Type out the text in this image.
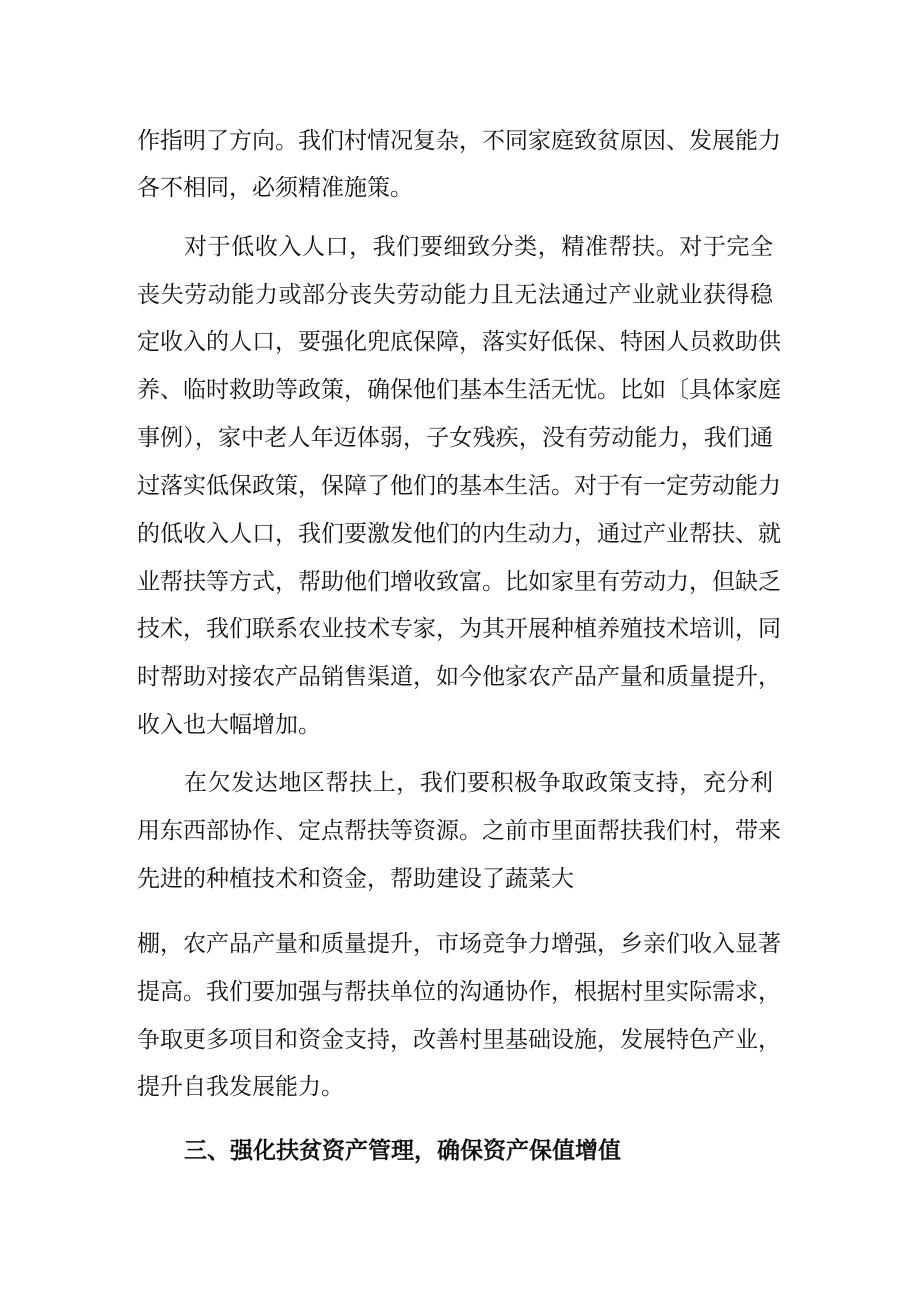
作指明了方向。我们村情况复杂，不同家庭致贫原因、发展能力

各不相同，必须精准施策。

对于低收入人口，我们要细致分类，精准帮扶。对于完全

丧失劳动能力或部分丧失劳动能力且无法通过产业就业获得稳

定收入的人口，要强化兜底保障，落实好低保、特困人员救助供

养、临时救助等政策，确保他们基本生活无忧。比如〔具体家庭

事例），家中老人年迈体弱，子女残疾，没有劳动能力，我们通

过落实低保政策，保障了他们的基本生活。对于有一定劳动能力

的低收入人口，我们要激发他们的内生动力，通过产业帮扶、就

业帮扶等方式，帮助他们增收致富。比如家里有劳动力，但缺乏

技术，我们联系农业技术专家，为其开展种植养殖技术培训，同

时帮助对接农产品销售渠道，如今他家农产品产量和质量提升，

收入也大幅增加。

在欠发达地区帮扶上，我们要积极争取政策支持，充分利

用东西部协作、定点帮扶等资源。之前市里面帮扶我们村，带来

先进的种植技术和资金，帮助建设了蔬菜大

棚，农产品产量和质量提升，市场竞争力增强，乡亲们收入显著

提高。我们要加强与帮扶单位的沟通协作，根据村里实际需求，

争取更多项目和资金支持，改善村里基础设施，发展特色产业，

提升自我发展能力。

三、强化扶贫资产管理，确保资产保值增值
